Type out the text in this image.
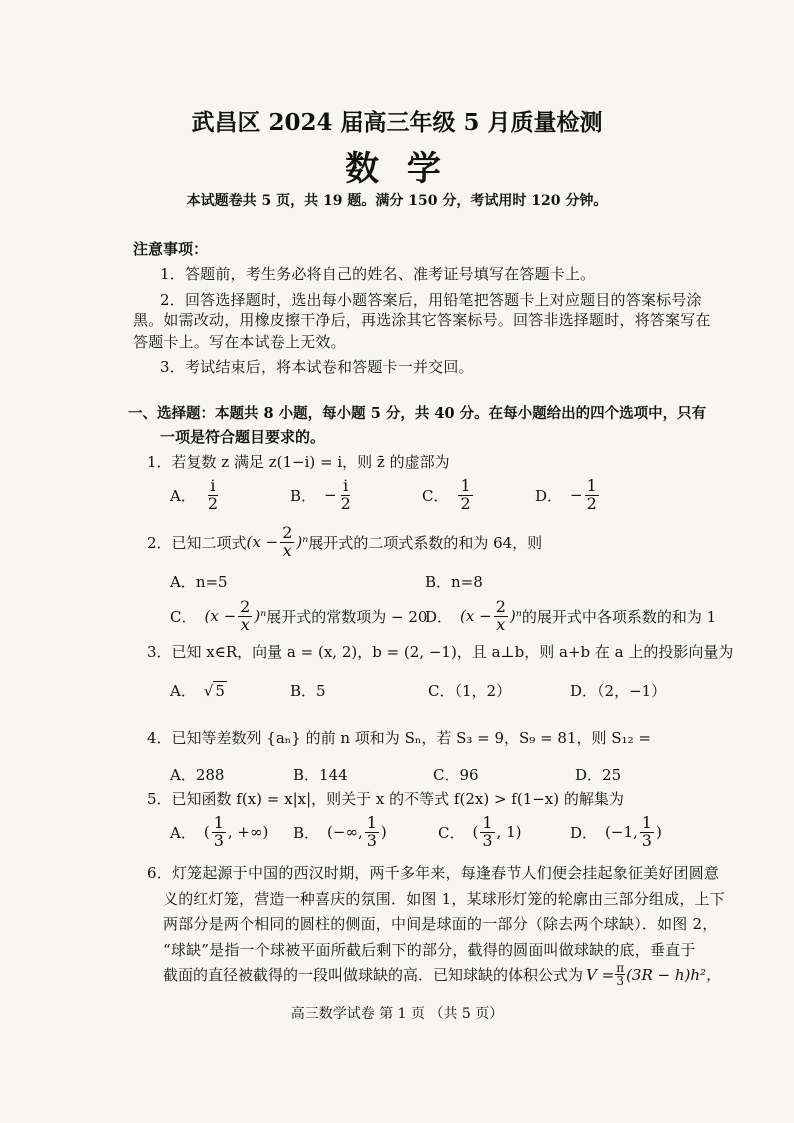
武昌区 2024 届高三年级 5 月质量检测
数 学
本试题卷共 5 页，共 19 题。满分 150 分，考试用时 120 分钟。
注意事项：
1．答题前，考生务必将自己的姓名、准考证号填写在答题卡上。
2．回答选择题时，选出每小题答案后，用铅笔把答题卡上对应题目的答案标号涂
黑。如需改动，用橡皮擦干净后，再选涂其它答案标号。回答非选择题时，将答案写在
答题卡上。写在本试卷上无效。
3．考试结束后，将本试卷和答题卡一并交回。
一、选择题：本题共 8 小题，每小题 5 分，共 40 分。在每小题给出的四个选项中，只有
一项是符合题目要求的。
1．若复数 z 满足 z(1−i) = i，则 z̄ 的虚部为
A． $\frac{i}{2}$	B． − $\frac{i}{2}$	C． $\frac{1}{2}$	D． − $\frac{1}{2}$
2．已知二项式 $(x - \frac{2}{x} )^n$ 展开式的二项式系数的和为 64，则
A．n=5	B．n=8
C． $(x - \frac{2}{x} )^n$ 展开式的常数项为 − 20
D． $(x - \frac{2}{x} )^n$ 的展开式中各项系数的和为 1
3．已知 x∈R，向量 a = (x, 2)，b = (2, −1)，且 a⊥b，则 a+b 在 a 上的投影向量为
A． √ 5	B．5	C．（1，2）	D．（2，−1）
4．已知等差数列 {aₙ} 的前 n 项和为 Sₙ，若 S₃ = 9，S₉ = 81，则 S₁₂ =
A．288	B．144	C．96	D．25
5．已知函数 f(x) = x|x|，则关于 x 的不等式 f(2x) > f(1−x) 的解集为
A． ( $\frac{1}{3}$ , +∞) B． (−∞, $\frac{1}{3}$ )	C． ( $\frac{1}{3}$ , 1)	D． (−1, $\frac{1}{3}$ )
6．灯笼起源于中国的西汉时期，两千多年来，每逢春节人们便会挂起象征美好团圆意
义的红灯笼，营造一种喜庆的氛围．如图 1，某球形灯笼的轮廓由三部分组成，上下
两部分是两个相同的圆柱的侧面，中间是球面的一部分（除去两个球缺）．如图 2，
“球缺”是指一个球被平面所截后剩下的部分，截得的圆面叫做球缺的底，垂直于
截面的直径被截得的一段叫做球缺的高．已知球缺的体积公式为 $V = \frac{\pi}{3} (3R - h)h^2$，
高三数学试卷 第 1 页 （共 5 页）
